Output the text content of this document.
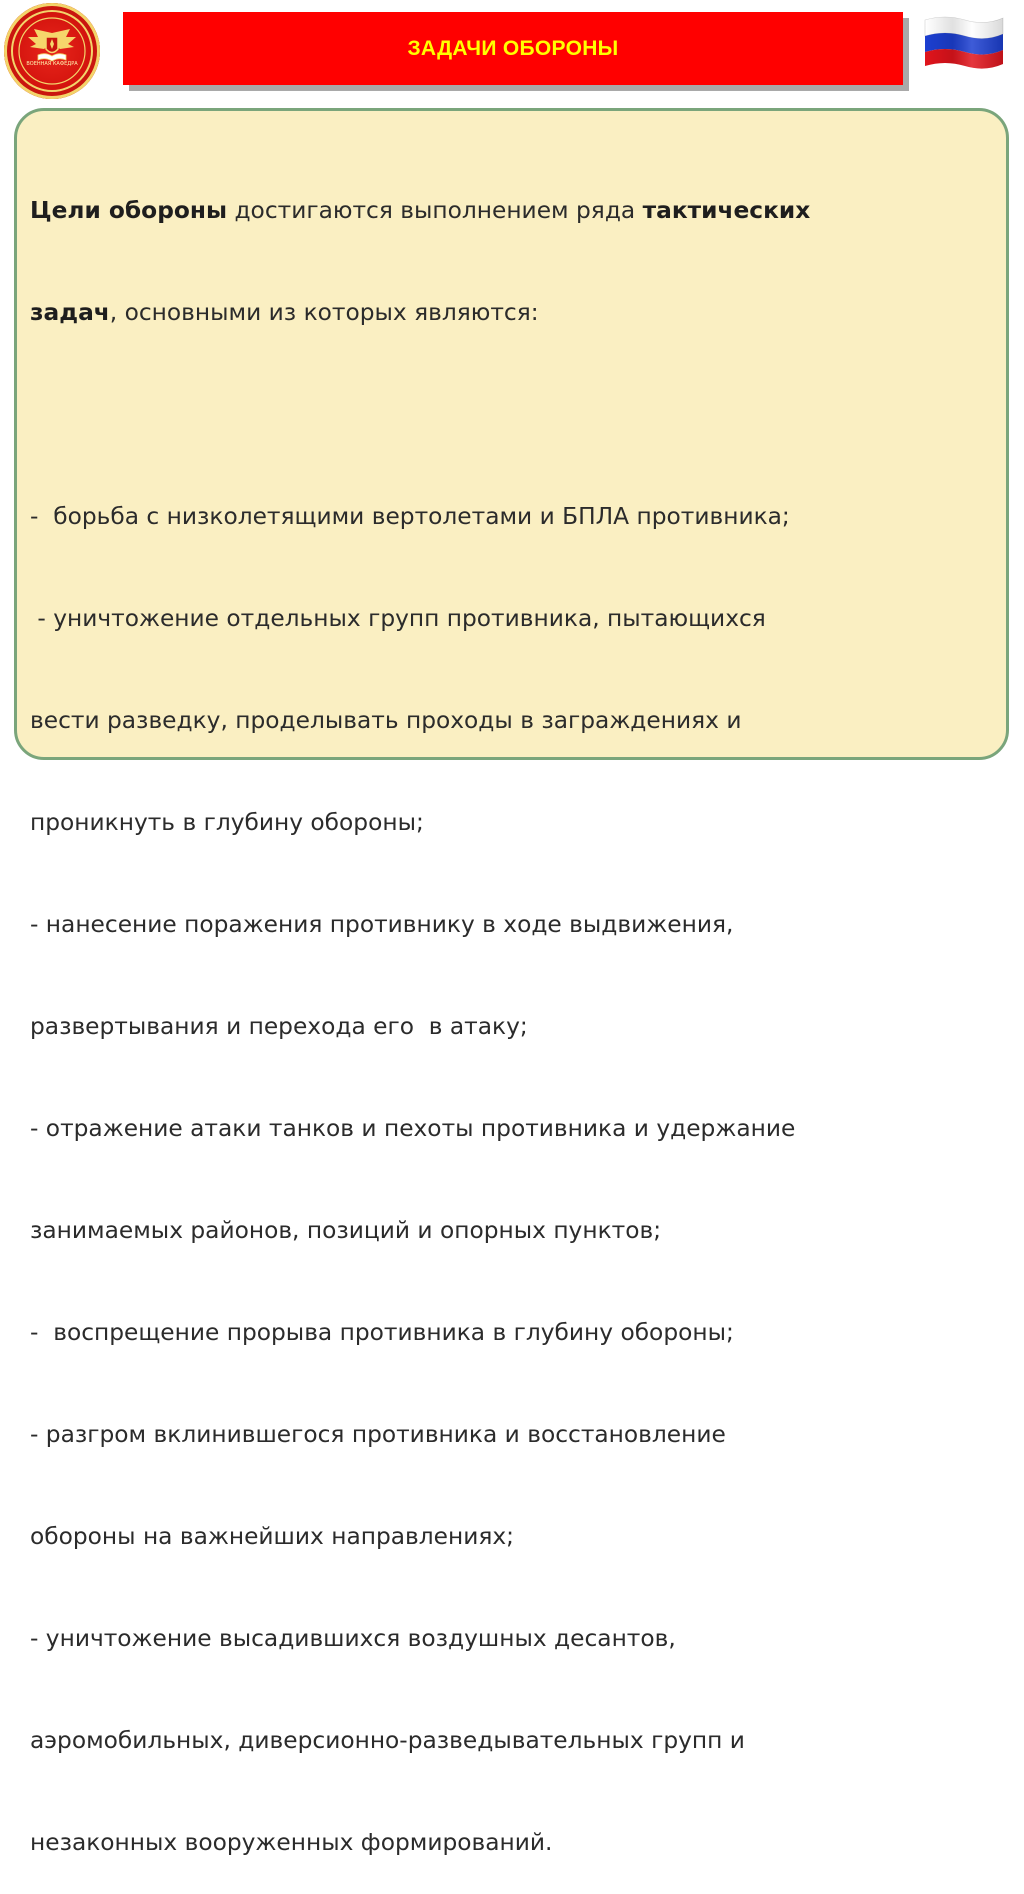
ВОЕННАЯ КАФЕДРА
ЗАДАЧИ ОБОРОНЫ

Цели обороны достигаются выполнением ряда тактических

задач, основными из которых являются:

-  борьба с низколетящими вертолетами и БПЛА противника;

- уничтожение отдельных групп противника, пытающихся

вести разведку, проделывать проходы в заграждениях и

проникнуть в глубину обороны;

- нанесение поражения противнику в ходе выдвижения,

развертывания и перехода его  в атаку;

- отражение атаки танков и пехоты противника и удержание

занимаемых районов, позиций и опорных пунктов;

-  воспрещение прорыва противника в глубину обороны;

- разгром вклинившегося противника и восстановление

обороны на важнейших направлениях;

- уничтожение высадившихся воздушных десантов,

аэромобильных, диверсионно-разведывательных групп и

незаконных вооруженных формирований.
